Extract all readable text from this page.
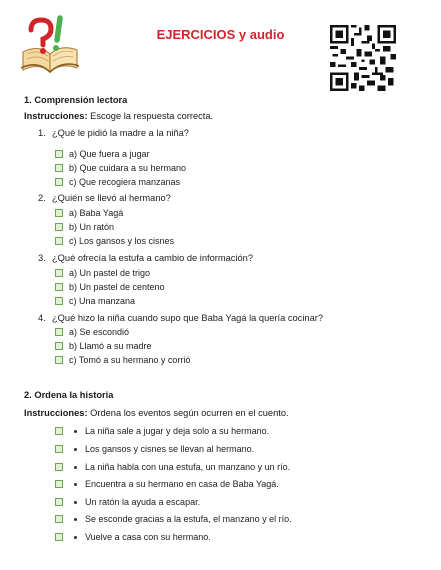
EJERCICIOS y audio
1. Comprensión lectora
Instrucciones: Escoge la respuesta correcta.
1. ¿Qué le pidió la madre a la niña?
a) Que fuera a jugar
b) Que cuidara a su hermano
c) Que recogiera manzanas
2. ¿Quién se llevó al hermano?
a) Baba Yagá
b) Un ratón
c) Los gansos y los cisnes
3. ¿Qué ofrecía la estufa a cambio de información?
a) Un pastel de trigo
b) Un pastel de centeno
c) Una manzana
4. ¿Qué hizo la niña cuando supo que Baba Yagá la quería cocinar?
a) Se escondió
b) Llamó a su madre
c) Tomó a su hermano y corrió
2. Ordena la historia
Instrucciones: Ordena los eventos según ocurren en el cuento.
La niña sale a jugar y deja solo a su hermano.
Los gansos y cisnes se llevan al hermano.
La niña habla con una estufa, un manzano y un río.
Encuentra a su hermano en casa de Baba Yagá.
Un ratón la ayuda a escapar.
Se esconde gracias a la estufa, el manzano y el río.
Vuelve a casa con su hermano.
